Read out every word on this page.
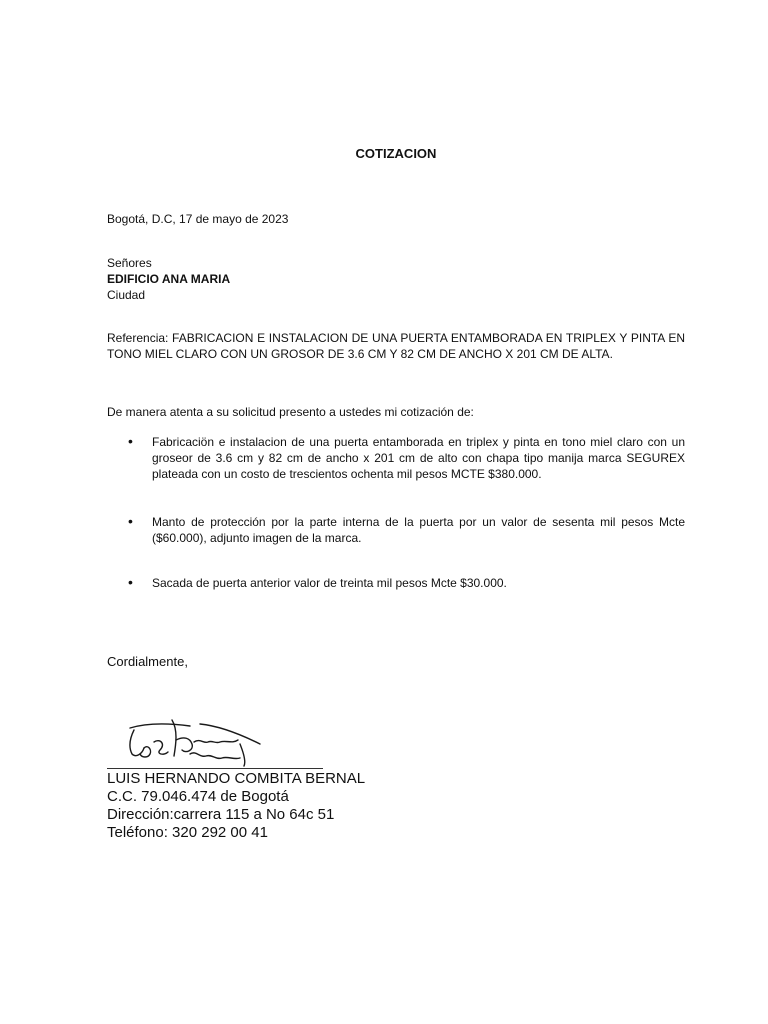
COTIZACION
Bogotá, D.C, 17 de mayo de 2023
Señores
EDIFICIO ANA MARIA
Ciudad
Referencia: FABRICACION E INSTALACION DE UNA PUERTA ENTAMBORADA EN TRIPLEX Y PINTA EN TONO MIEL CLARO CON UN GROSOR DE 3.6 CM Y 82 CM DE ANCHO X 201 CM DE ALTA.
De manera atenta a su solicitud presento a ustedes mi cotización de:
• Fabricaciön e instalacion de una puerta entamborada en triplex y pinta en tono miel claro con un groseor de 3.6 cm y 82 cm de ancho x 201 cm de alto con chapa tipo manija marca SEGUREX plateada con un costo de trescientos ochenta mil pesos MCTE $380.000.
• Manto de protección por la parte interna de la puerta por un valor de sesenta mil pesos Mcte ($60.000), adjunto imagen de la marca.
• Sacada de puerta anterior valor de treinta mil pesos Mcte $30.000.
Cordialmente,
LUIS HERNANDO COMBITA BERNAL
C.C. 79.046.474 de Bogotá
Dirección:carrera 115 a No 64c 51
Teléfono: 320 292 00 41
